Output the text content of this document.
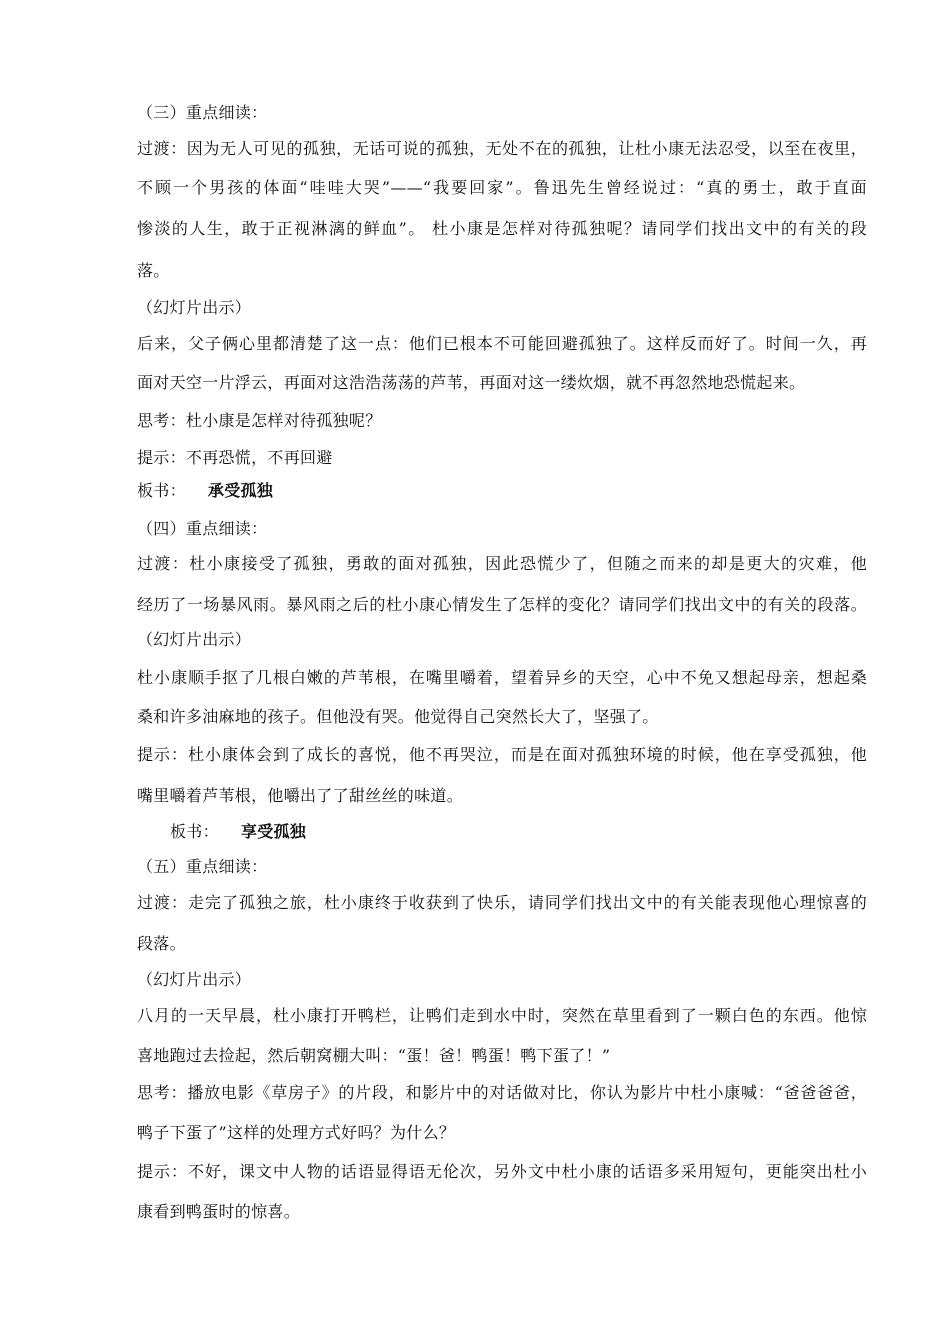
（三）重点细读：
过渡：因为无人可见的孤独，无话可说的孤独，无处不在的孤独，让杜小康无法忍受，以至在夜里，
不顾一个男孩的体面“哇哇大哭”——“我要回家”。鲁迅先生曾经说过：“真的勇士，敢于直面
惨淡的人生，敢于正视淋漓的鲜血”。 杜小康是怎样对待孤独呢？请同学们找出文中的有关的段
落。
（幻灯片出示）
后来，父子俩心里都清楚了这一点：他们已根本不可能回避孤独了。这样反而好了。时间一久，再
面对天空一片浮云，再面对这浩浩荡荡的芦苇，再面对这一缕炊烟，就不再忽然地恐慌起来。
思考：杜小康是怎样对待孤独呢？
提示：不再恐慌，不再回避
板书： 承受孤独
（四）重点细读：
过渡：杜小康接受了孤独，勇敢的面对孤独，因此恐慌少了，但随之而来的却是更大的灾难，他
经历了一场暴风雨。暴风雨之后的杜小康心情发生了怎样的变化？请同学们找出文中的有关的段落。
（幻灯片出示）
杜小康顺手抠了几根白嫩的芦苇根，在嘴里嚼着，望着异乡的天空，心中不免又想起母亲，想起桑
桑和许多油麻地的孩子。但他没有哭。他觉得自己突然长大了，坚强了。
提示：杜小康体会到了成长的喜悦，他不再哭泣，而是在面对孤独环境的时候，他在享受孤独，他
嘴里嚼着芦苇根，他嚼出了了甜丝丝的味道。
板书： 享受孤独
（五）重点细读：
过渡：走完了孤独之旅，杜小康终于收获到了快乐，请同学们找出文中的有关能表现他心理惊喜的
段落。
（幻灯片出示）
八月的一天早晨，杜小康打开鸭栏，让鸭们走到水中时，突然在草里看到了一颗白色的东西。他惊
喜地跑过去捡起，然后朝窝棚大叫：“蛋！爸！鸭蛋！鸭下蛋了！”
思考：播放电影《草房子》的片段，和影片中的对话做对比，你认为影片中杜小康喊：“爸爸爸爸，
鸭子下蛋了”这样的处理方式好吗？为什么？
提示：不好，课文中人物的话语显得语无伦次，另外文中杜小康的话语多采用短句，更能突出杜小
康看到鸭蛋时的惊喜。
